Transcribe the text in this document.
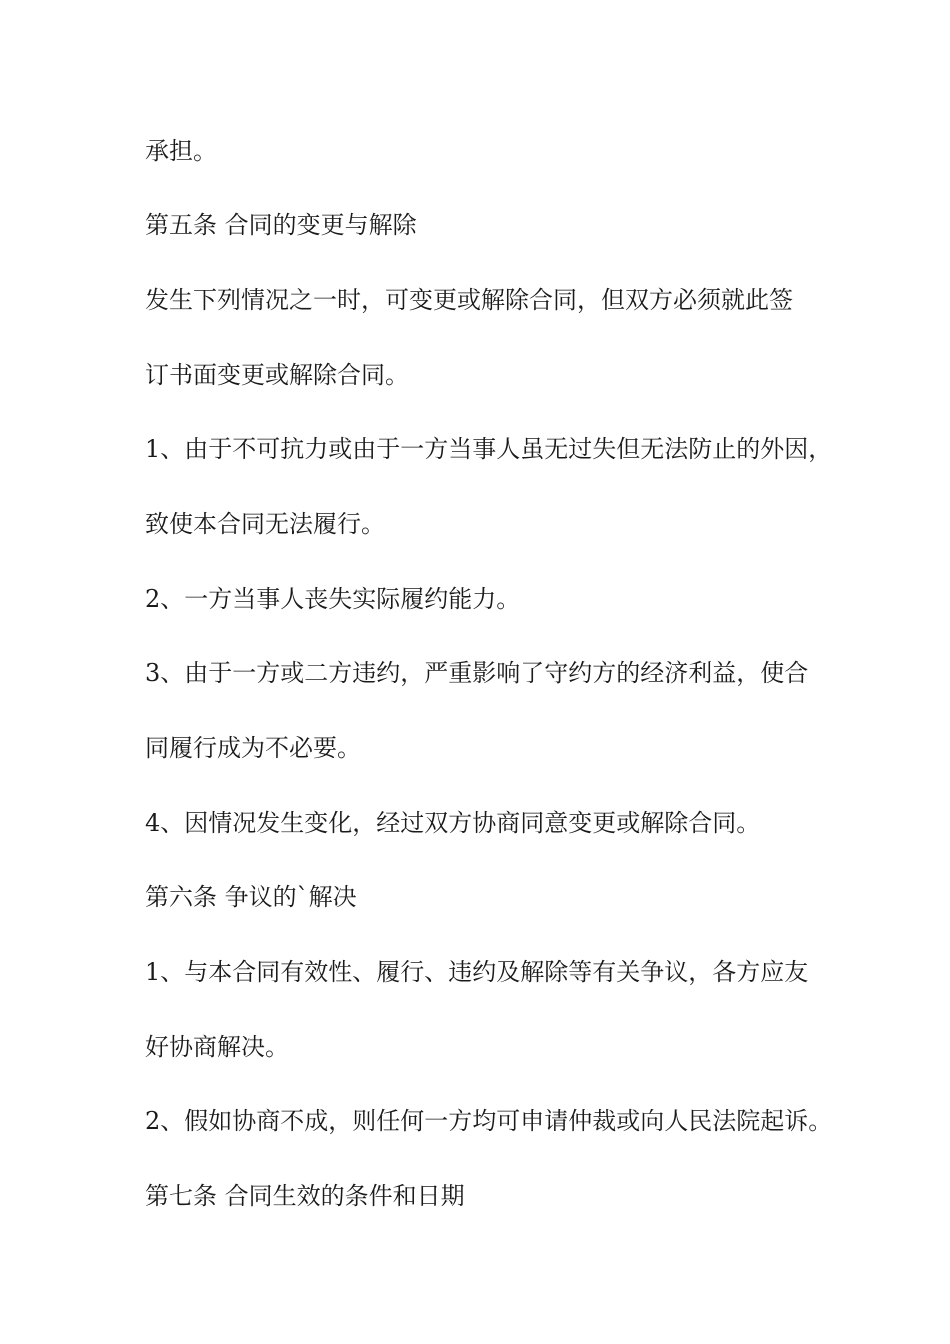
承担。
第五条 合同的变更与解除
发生下列情况之一时，可变更或解除合同，但双方必须就此签
订书面变更或解除合同。
1、由于不可抗力或由于一方当事人虽无过失但无法防止的外因，
致使本合同无法履行。
2、一方当事人丧失实际履约能力。
3、由于一方或二方违约，严重影响了守约方的经济利益，使合
同履行成为不必要。
4、因情况发生变化，经过双方协商同意变更或解除合同。
第六条 争议的`解决
1、与本合同有效性、履行、违约及解除等有关争议，各方应友
好协商解决。
2、假如协商不成，则任何一方均可申请仲裁或向人民法院起诉。
第七条 合同生效的条件和日期
